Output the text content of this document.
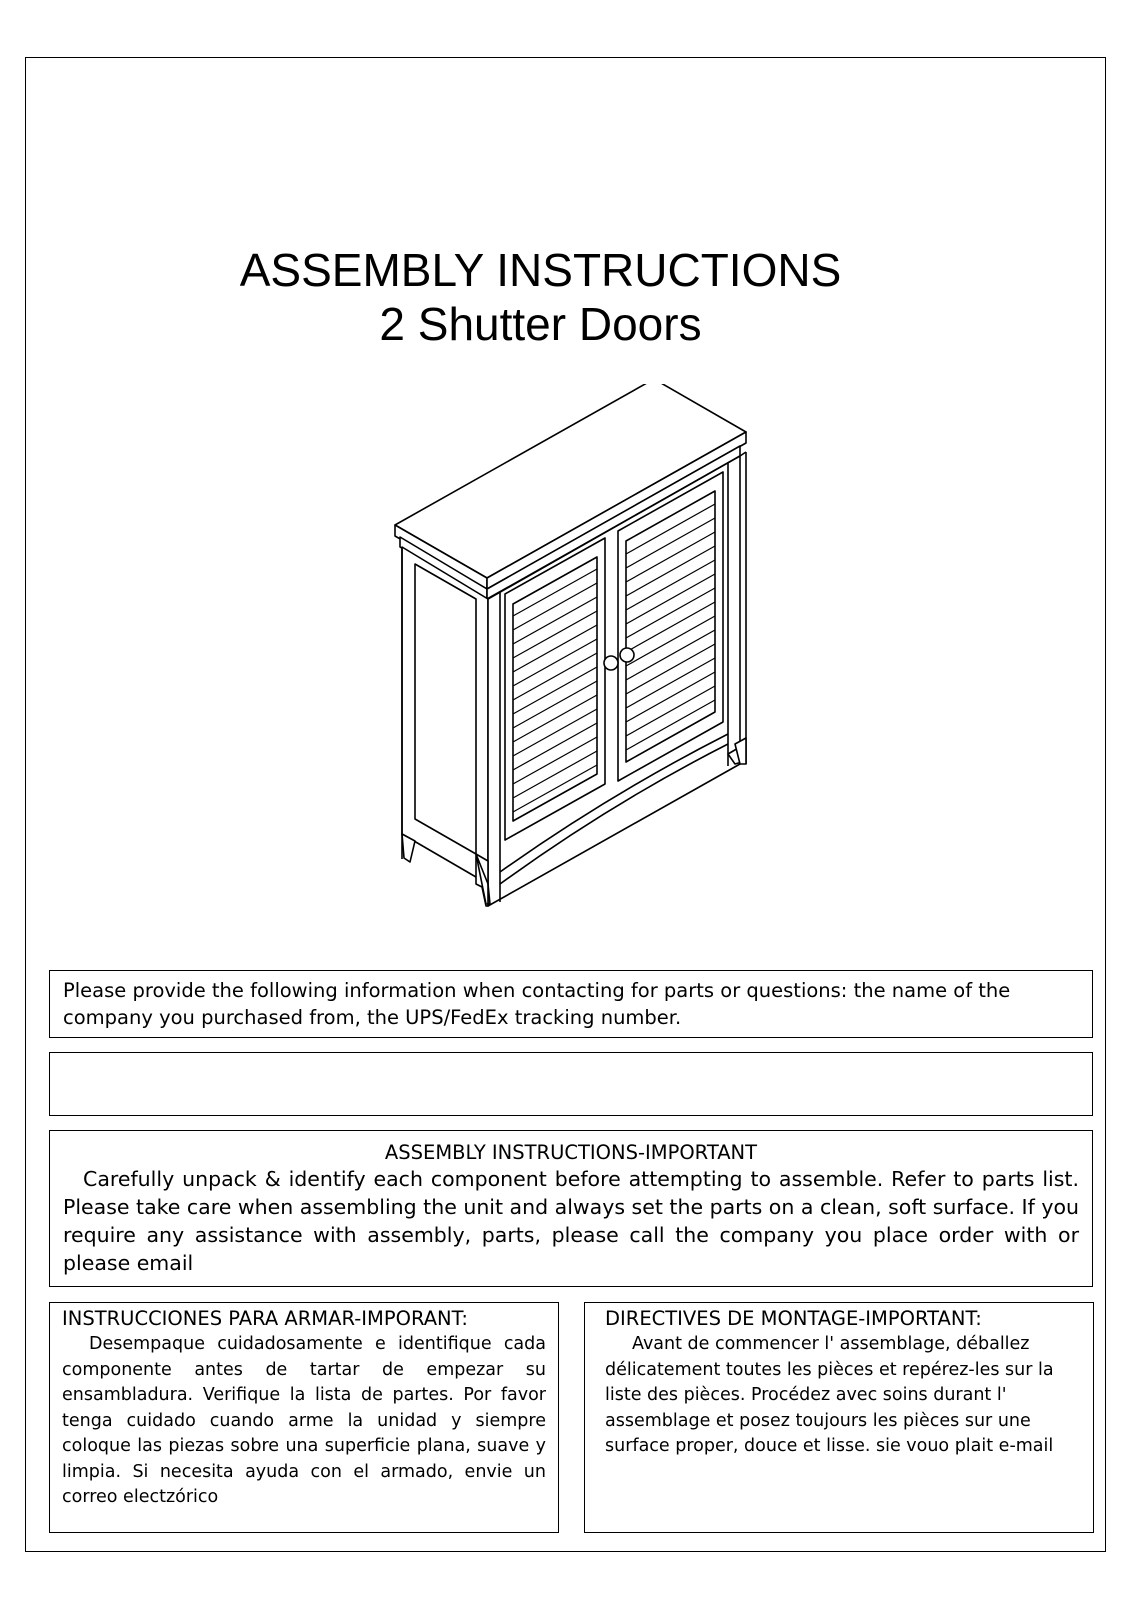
ASSEMBLY INSTRUCTIONS
2 Shutter Doors
Please provide the following information when contacting for parts or questions: the name of the company you purchased from, the UPS/FedEx tracking number.
ASSEMBLY INSTRUCTIONS-IMPORTANT
Carefully unpack & identify each component before attempting to assemble. Refer to parts list. Please take care when assembling the unit and always set the parts on a clean, soft surface. If you require any assistance with assembly, parts, please call the company you place order with or please email
INSTRUCCIONES PARA ARMAR-IMPORANT:
Desempaque cuidadosamente e identifique cada componente antes de tartar de empezar su ensambladura. Verifique la lista de partes. Por favor tenga cuidado cuando arme la unidad y siempre coloque las piezas sobre una superficie plana, suave y limpia. Si necesita ayuda con el armado, envie un correo electzórico
DIRECTIVES DE MONTAGE-IMPORTANT:
Avant de commencer l' assemblage, déballez délicatement toutes les pièces et repérez-les sur la liste des pièces. Procédez avec soins durant l' assemblage et posez toujours les pièces sur une surface proper, douce et lisse. sie vouo plait e-mail
